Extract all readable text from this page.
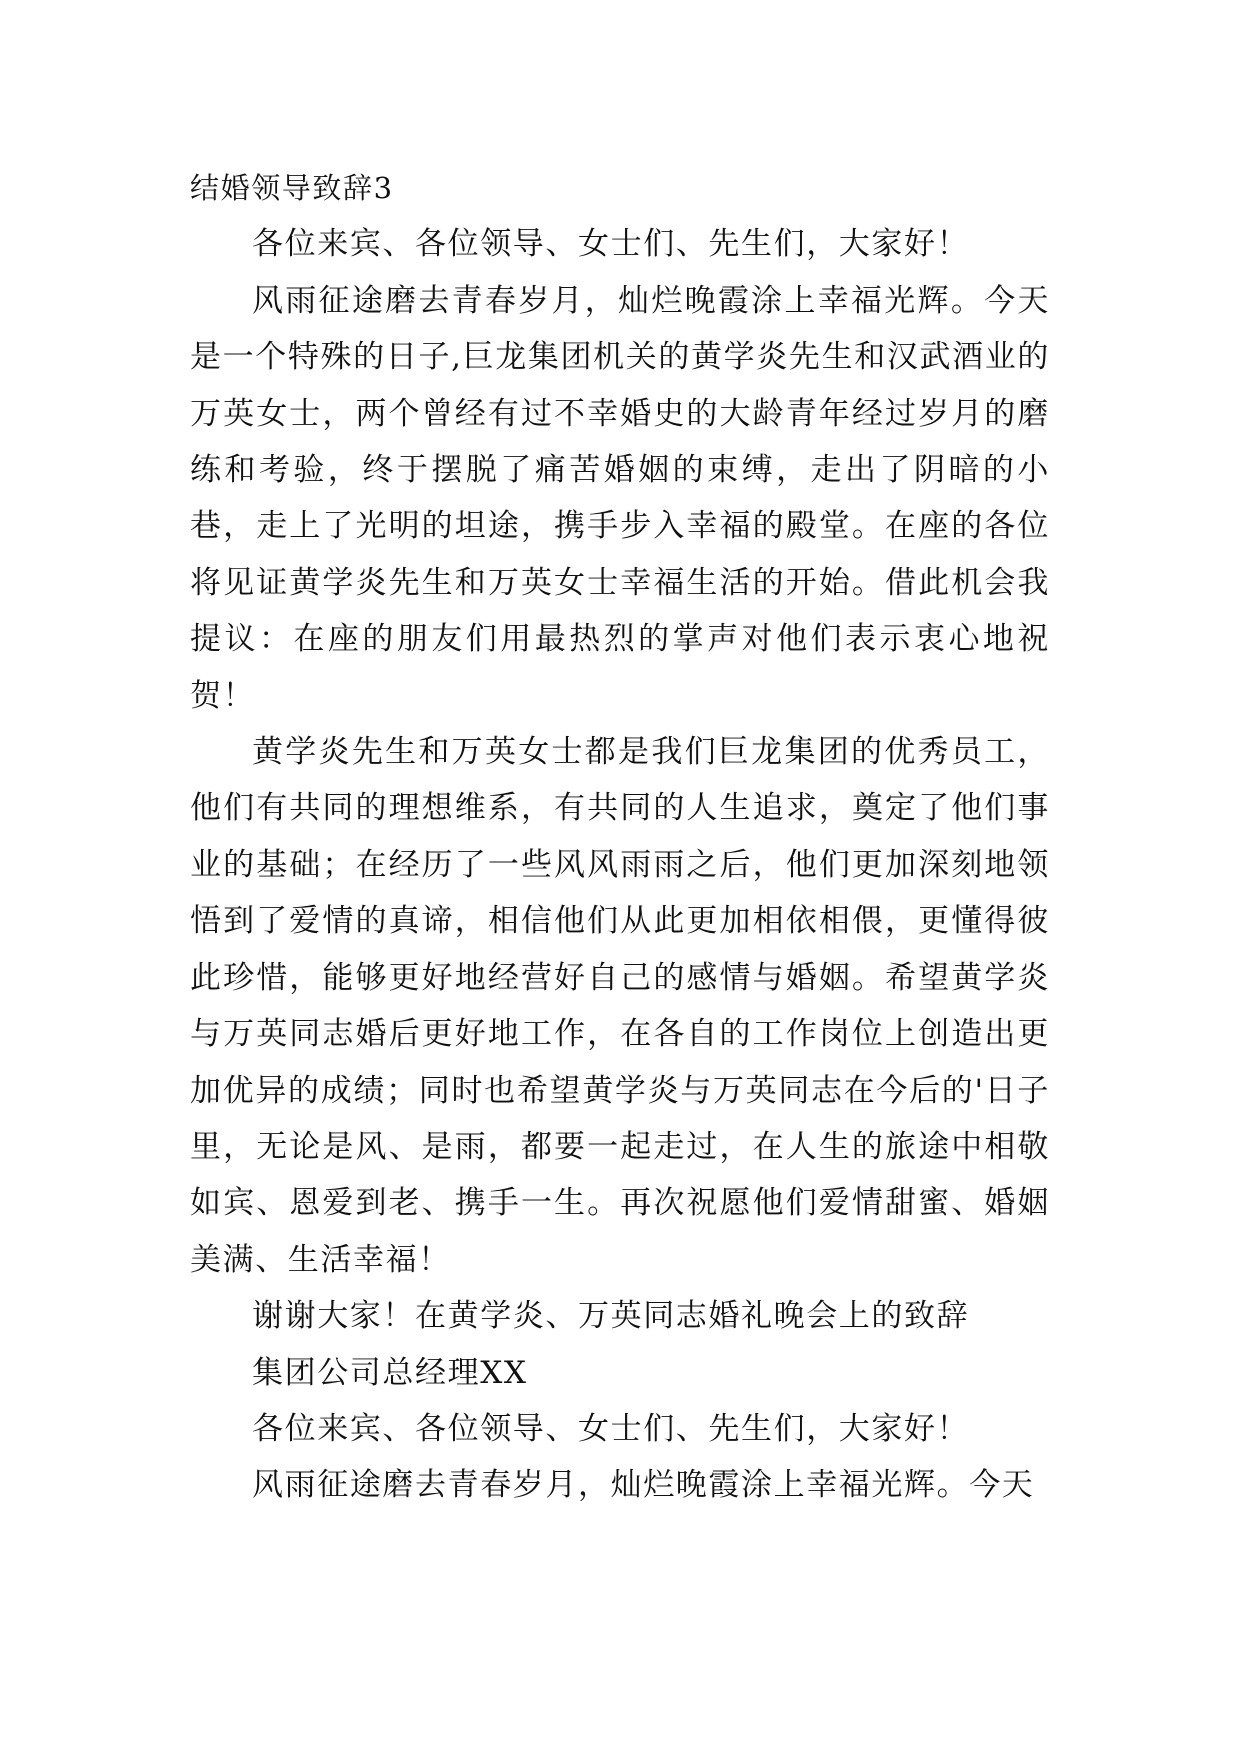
结婚领导致辞3

各位来宾、各位领导、女士们、先生们，大家好！

风雨征途磨去青春岁月，灿烂晚霞涂上幸福光辉。今天是一个特殊的日子,巨龙集团机关的黄学炎先生和汉武酒业的万英女士，两个曾经有过不幸婚史的大龄青年经过岁月的磨练和考验，终于摆脱了痛苦婚姻的束缚，走出了阴暗的小巷，走上了光明的坦途，携手步入幸福的殿堂。在座的各位将见证黄学炎先生和万英女士幸福生活的开始。借此机会我提议：在座的朋友们用最热烈的掌声对他们表示衷心地祝贺！

黄学炎先生和万英女士都是我们巨龙集团的优秀员工，他们有共同的理想维系，有共同的人生追求，奠定了他们事业的基础；在经历了一些风风雨雨之后，他们更加深刻地领悟到了爱情的真谛，相信他们从此更加相依相偎，更懂得彼此珍惜，能够更好地经营好自己的感情与婚姻。希望黄学炎与万英同志婚后更好地工作，在各自的工作岗位上创造出更加优异的成绩；同时也希望黄学炎与万英同志在今后的'日子里，无论是风、是雨，都要一起走过，在人生的旅途中相敬如宾、恩爱到老、携手一生。再次祝愿他们爱情甜蜜、婚姻美满、生活幸福！

谢谢大家！在黄学炎、万英同志婚礼晚会上的致辞

集团公司总经理XX

各位来宾、各位领导、女士们、先生们，大家好！

风雨征途磨去青春岁月，灿烂晚霞涂上幸福光辉。今天
